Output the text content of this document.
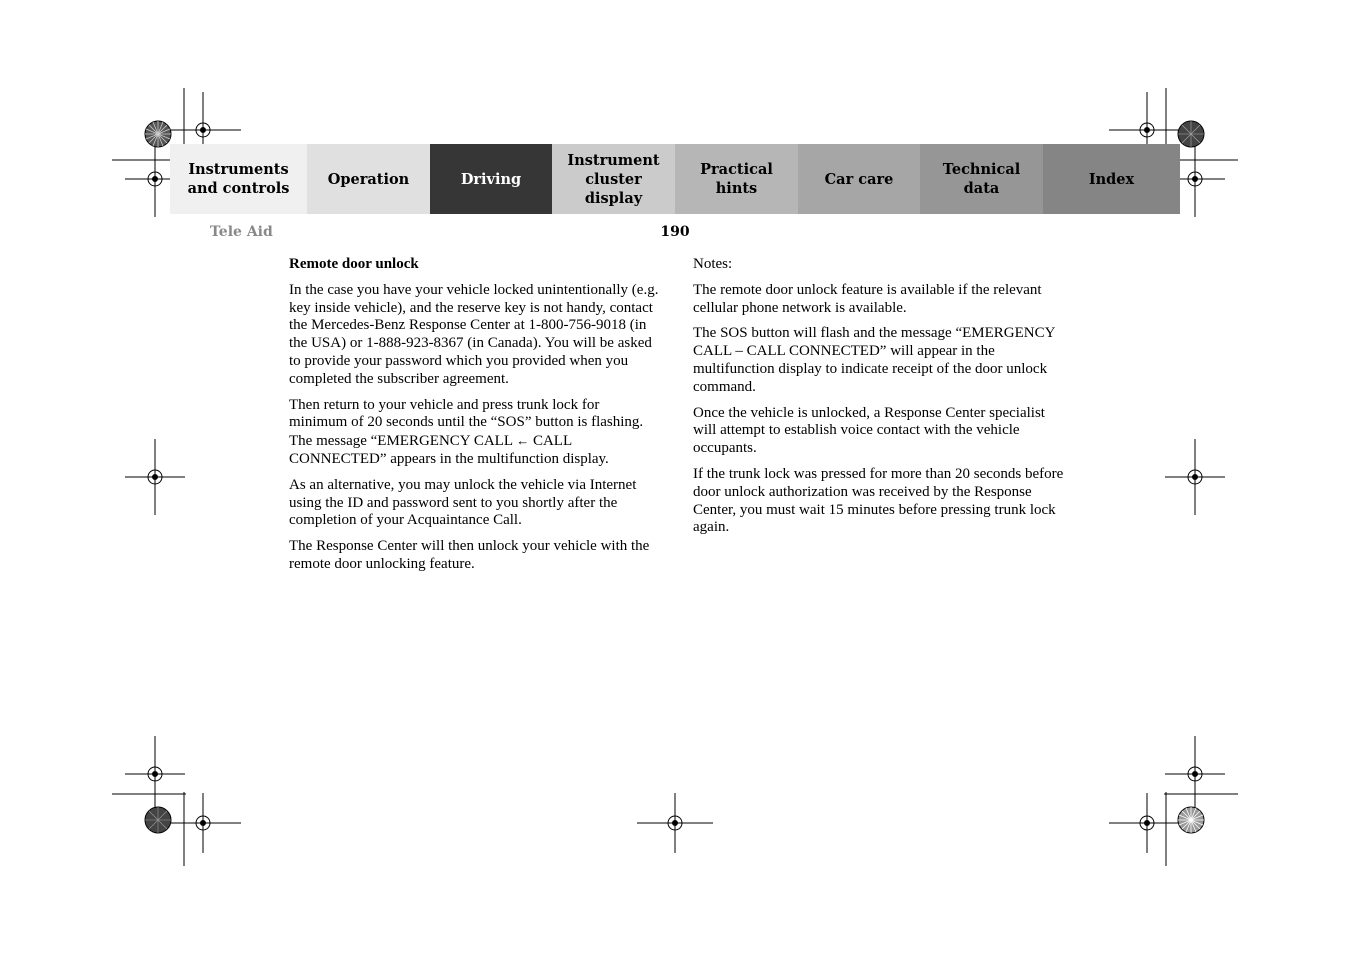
Instruments
and controls
Operation	Driving
Instrument
cluster display
Practical hints
Car care
Technical
data
Index
Tele Aid	190
Remote door unlock

In the case you have your vehicle locked unintentionally (e.g. key inside vehicle), and the reserve key is not handy, contact the Mercedes-Benz Response Center at 1-800-756-9018 (in the USA) or 1-888-923-8367 (in Canada). You will be asked to provide your password which you provided when you completed the subscriber agreement.

Then return to your vehicle and press trunk lock for minimum of 20 seconds until the “SOS” button is flashing. The message “EMERGENCY CALL ← CALL CONNECTED” appears in the multifunction display.

As an alternative, you may unlock the vehicle via Internet using the ID and password sent to you shortly after the completion of your Acquaintance Call.

The Response Center will then unlock your vehicle with the remote door unlocking feature.

Notes:

The remote door unlock feature is available if the relevant cellular phone network is available.

The SOS button will flash and the message “EMERGENCY CALL – CALL CONNECTED” will appear in the multifunction display to indicate receipt of the door unlock command.

Once the vehicle is unlocked, a Response Center specialist will attempt to establish voice contact with the vehicle occupants.

If the trunk lock was pressed for more than 20 seconds before door unlock authorization was received by the Response Center, you must wait 15 minutes before pressing trunk lock again.
